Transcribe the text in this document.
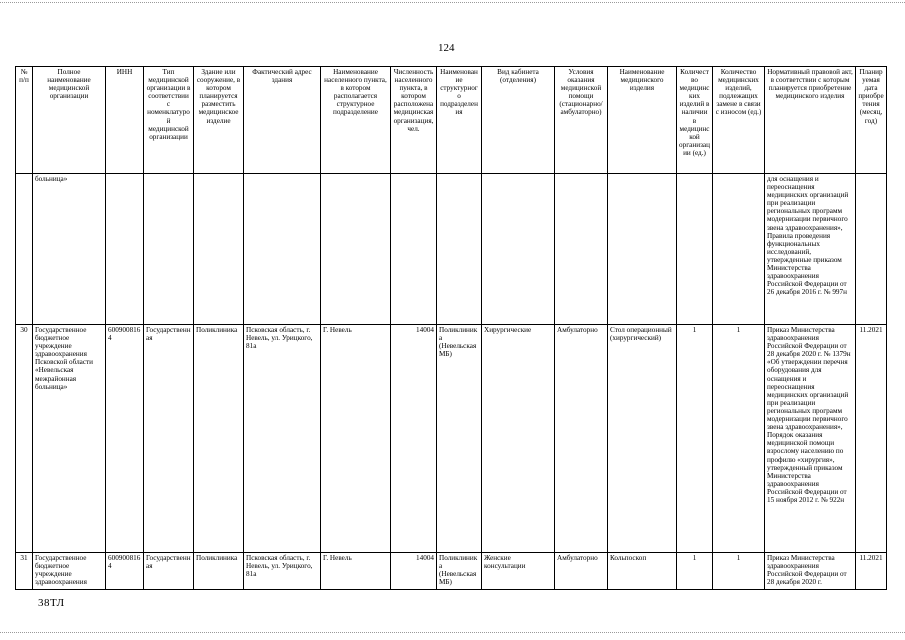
124
№ п/п	Полное наименование медицинской организации	ИНН	Тип медицинской организации в соответствии с номенклатурой медицинской организации	Здание или сооружение, в котором планируется разместить медицинское изделие	Фактический адрес здания	Наименование населенного пункта, в котором располагается структурное подразделение	Численность населенного пункта, в котором расположена медицинская организация, чел.	Наименование структурного подразделения	Вид кабинета (отделения)	Условия оказания медицинской помощи (стационарно/амбулаторно)	Наименование медицинского изделия	Количество медицинских изделий в наличии в медицинской организации (ед.)	Количество медицинских изделий, подлежащих замене в связи с износом (ед.)	Нормативный правовой акт, в соответствии с которым планируется приобретение медицинского изделия	Планируемая дата приобретения (месяц, год)
	больница»													для оснащения и переоснащения медицинских организаций при реализации региональных программ модернизации первичного звена здравоохранения», Правила проведения функциональных исследований, утвержденные приказом Министерства здравоохранения Российской Федерации от 26 декабря 2016 г. № 997н	
30	Государственное бюджетное учреждение здравоохранения Псковской области «Невельская межрайонная больница»	6009008164	Государственная	Поликлиника	Псковская область, г. Невель, ул. Урицкого, 81а	Г. Невель	14004	Поликлиника (Невельская МБ)	Хирургические	Амбулаторно	Стол операционный (хирургический)	1	1	Приказ Министерства здравоохранения Российской Федерации от 28 декабря 2020 г. № 1379н «Об утверждении перечня оборудования для оснащения и переоснащения медицинских организаций при реализации региональных программ модернизации первичного звена здравоохранения», Порядок оказания медицинской помощи взрослому населению по профилю «хирургия», утвержденный приказом Министерства здравоохранения Российской Федерации от 15 ноября 2012 г. № 922н	11.2021
31	Государственное бюджетное учреждение здравоохранения	6009008164	Государственная	Поликлиника	Псковская область, г. Невель, ул. Урицкого, 81а	Г. Невель	14004	Поликлиника (Невельская МБ)	Женские консультации	Амбулаторно	Кольпоскоп	1	1	Приказ Министерства здравоохранения Российской Федерации от 28 декабря 2020 г.	11.2021
38ТЛ
